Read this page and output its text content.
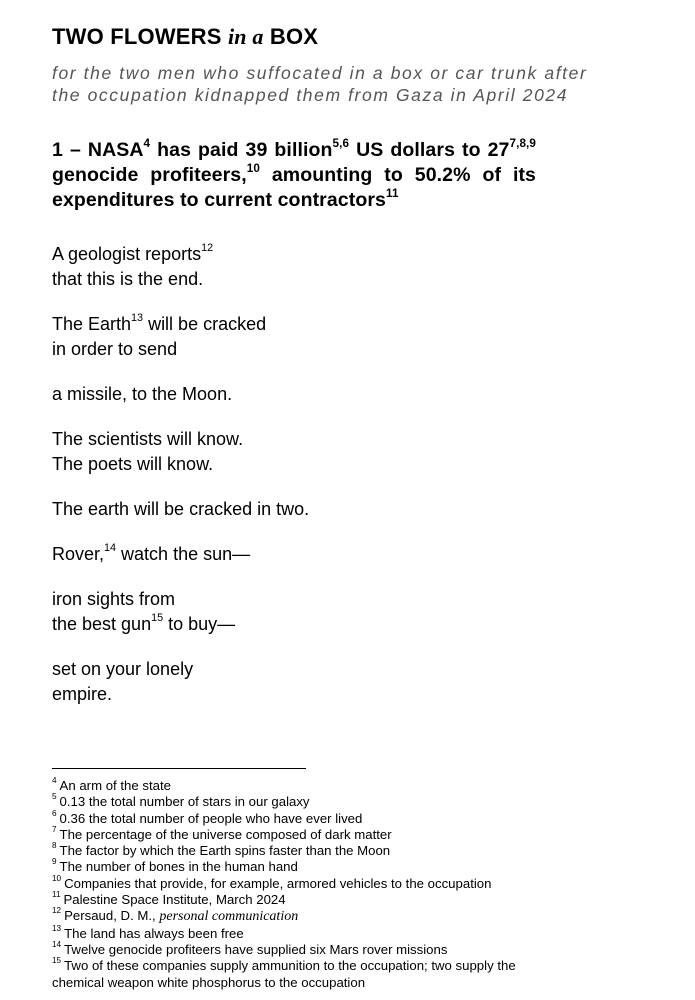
TWO FLOWERS in a BOX

for the two men who suffocated in a box or car trunk after the occupation kidnapped them from Gaza in April 2024

1 – NASA$^4$ has paid 39 billion$^{5,6}$ US dollars to 27$^{7,8,9}$ genocide profiteers,$^{10}$ amounting to 50.2% of its expenditures to current contractors$^{11}$

A geologist reports$^{12}$
that this is the end.

The Earth$^{13}$ will be cracked
in order to send

a missile, to the Moon.

The scientists will know.
The poets will know.

The earth will be cracked in two.

Rover,$^{14}$ watch the sun—

iron sights from
the best gun$^{15}$ to buy—

set on your lonely
empire.

$^4$ An arm of the state
$^5$ 0.13 the total number of stars in our galaxy
$^6$ 0.36 the total number of people who have ever lived
$^7$ The percentage of the universe composed of dark matter
$^8$ The factor by which the Earth spins faster than the Moon
$^9$ The number of bones in the human hand
$^{10}$ Companies that provide, for example, armored vehicles to the occupation
$^{11}$ Palestine Space Institute, March 2024
$^{12}$ Persaud, D. M., personal communication
$^{13}$ The land has always been free
$^{14}$ Twelve genocide profiteers have supplied six Mars rover missions
$^{15}$ Two of these companies supply ammunition to the occupation; two supply the chemical weapon white phosphorus to the occupation
